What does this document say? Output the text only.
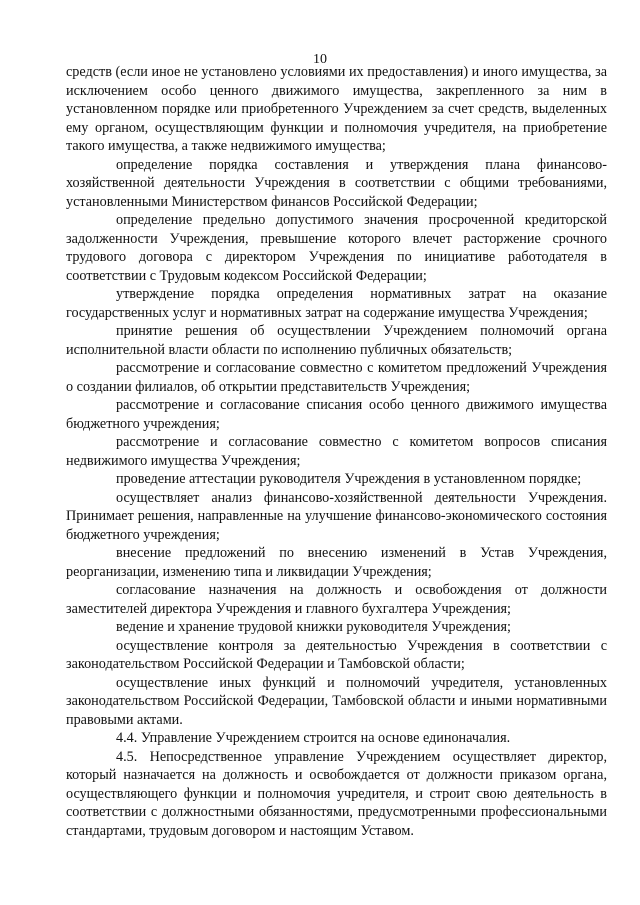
10

средств (если иное не установлено условиями их предоставления) и иного имущества, за исключением особо ценного движимого имущества, закрепленного за ним в установленном порядке или приобретенного Учреждением за счет средств, выделенных ему органом, осуществляющим функции и полномочия учредителя, на приобретение такого имущества, а также недвижимого имущества;

определение порядка составления и утверждения плана финансово-хозяйственной деятельности Учреждения в соответствии с общими требованиями, установленными Министерством финансов Российской Федерации;

определение предельно допустимого значения просроченной кредиторской задолженности Учреждения, превышение которого влечет расторжение срочного трудового договора с директором Учреждения по инициативе работодателя в соответствии с Трудовым кодексом Российской Федерации;

утверждение порядка определения нормативных затрат на оказание государственных услуг и нормативных затрат на содержание имущества Учреждения;

принятие решения об осуществлении Учреждением полномочий органа исполнительной власти области по исполнению публичных обязательств;

рассмотрение и согласование совместно с комитетом предложений Учреждения о создании филиалов, об открытии представительств Учреждения;

рассмотрение и согласование списания особо ценного движимого имущества бюджетного учреждения;

рассмотрение и согласование совместно с комитетом вопросов списания недвижимого имущества Учреждения;

проведение аттестации руководителя Учреждения в установленном порядке;

осуществляет анализ финансово-хозяйственной деятельности Учреждения. Принимает решения, направленные на улучшение финансово-экономического состояния бюджетного учреждения;

внесение предложений по внесению изменений в Устав Учреждения, реорганизации, изменению типа и ликвидации Учреждения;

согласование назначения на должность и освобождения от должности заместителей директора Учреждения и главного бухгалтера Учреждения;

ведение и хранение трудовой книжки руководителя Учреждения;

осуществление контроля за деятельностью Учреждения в соответствии с законодательством Российской Федерации и Тамбовской области;

осуществление иных функций и полномочий учредителя, установленных законодательством Российской Федерации, Тамбовской области и иными нормативными правовыми актами.

4.4. Управление Учреждением строится на основе единоначалия.

4.5. Непосредственное управление Учреждением осуществляет директор, который назначается на должность и освобождается от должности приказом органа, осуществляющего функции и полномочия учредителя, и строит свою деятельность в соответствии с должностными обязанностями, предусмотренными профессиональными стандартами, трудовым договором и настоящим Уставом.
